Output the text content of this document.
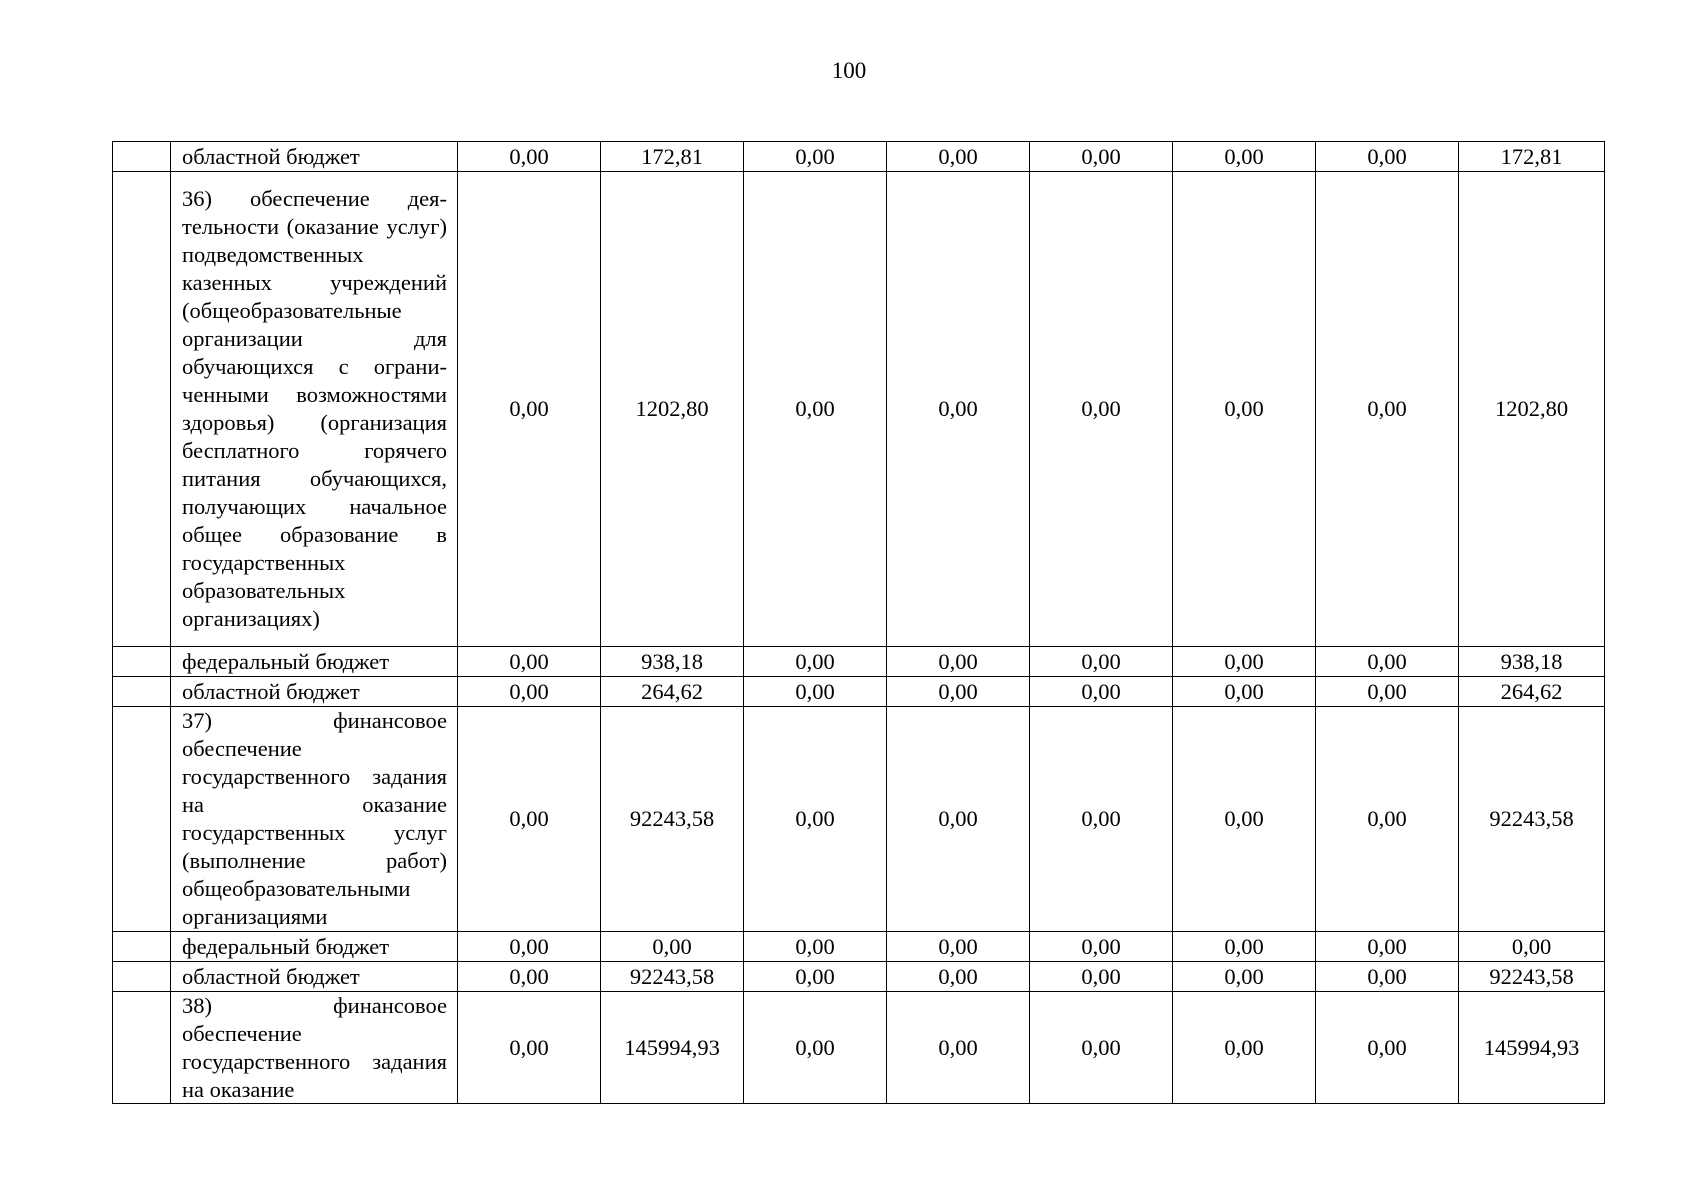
100
	областной бюджет	0,00	172,81	0,00	0,00	0,00	0,00	0,00	172,81
	36) обеспечение деятельности (оказание услуг) подведомственных казенных учреждений (общеобразовательные организации для обучающихся с ограниченными возможностями здоровья) (организация бесплатного горячего питания обучающихся, получающих начальное общее образование в государственных образовательных организациях)	0,00	1202,80	0,00	0,00	0,00	0,00	0,00	1202,80
	федеральный бюджет	0,00	938,18	0,00	0,00	0,00	0,00	0,00	938,18
	областной бюджет	0,00	264,62	0,00	0,00	0,00	0,00	0,00	264,62
	37) финансовое обеспечение государственного задания на оказание государственных услуг (выполнение работ) общеобразовательными организациями	0,00	92243,58	0,00	0,00	0,00	0,00	0,00	92243,58
	федеральный бюджет	0,00	0,00	0,00	0,00	0,00	0,00	0,00	0,00
	областной бюджет	0,00	92243,58	0,00	0,00	0,00	0,00	0,00	92243,58

	38) финансовое обеспечение государственного задания на оказание	0,00	145994,93	0,00	0,00	0,00	0,00	0,00	145994,93
